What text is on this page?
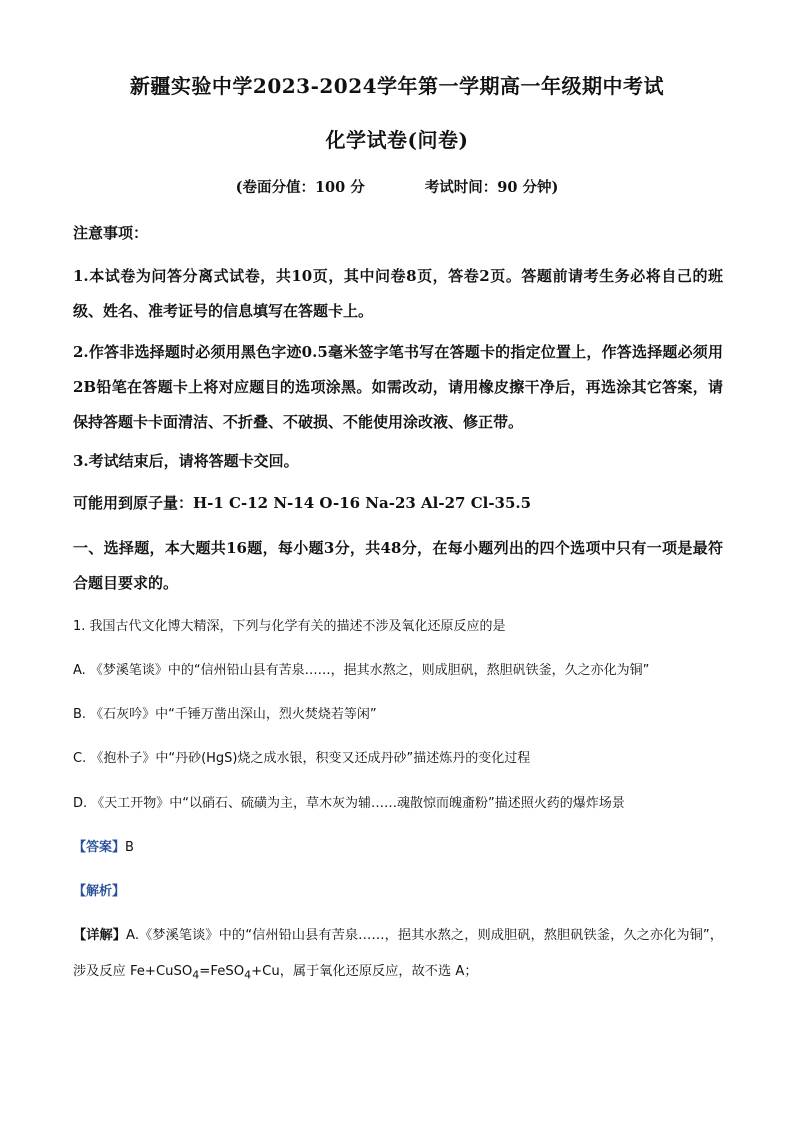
新疆实验中学2023-2024学年第一学期高一年级期中考试
化学试卷(问卷)
(卷面分值：100 分	考试时间：90 分钟)
注意事项：
1.本试卷为问答分离式试卷，共10页，其中问卷8页，答卷2页。答题前请考生务必将自己的班级、姓名、准考证号的信息填写在答题卡上。
2.作答非选择题时必须用黑色字迹0.5毫米签字笔书写在答题卡的指定位置上，作答选择题必须用2B铅笔在答题卡上将对应题目的选项涂黑。如需改动，请用橡皮擦干净后，再选涂其它答案，请保持答题卡卡面清洁、不折叠、不破损、不能使用涂改液、修正带。
3.考试结束后，请将答题卡交回。
可能用到原子量：H-1 C-12 N-14 O-16 Na-23 Al-27 Cl-35.5
一、选择题，本大题共16题，每小题3分，共48分，在每小题列出的四个选项中只有一项是最符合题目要求的。
1. 我国古代文化博大精深，下列与化学有关的描述不涉及氧化还原反应的是
A. 《梦溪笔谈》中的“信州铅山县有苦泉……，挹其水熬之，则成胆矾，熬胆矾铁釜，久之亦化为铜”
B. 《石灰吟》中“千锤万凿出深山，烈火焚烧若等闲”
C. 《抱朴子》中“丹砂(HgS)烧之成水银，积变又还成丹砂”描述炼丹的变化过程
D. 《天工开物》中“以硝石、硫磺为主，草木灰为辅……魂散惊而魄齑粉”描述照火药的爆炸场景
【答案】B
【解析】
【详解】A.《梦溪笔谈》中的“信州铅山县有苦泉……，挹其水熬之，则成胆矾，熬胆矾铁釜，久之亦化为铜”，涉及反应 Fe+CuSO$_4$=FeSO$_4$+Cu，属于氧化还原反应，故不选 A；
